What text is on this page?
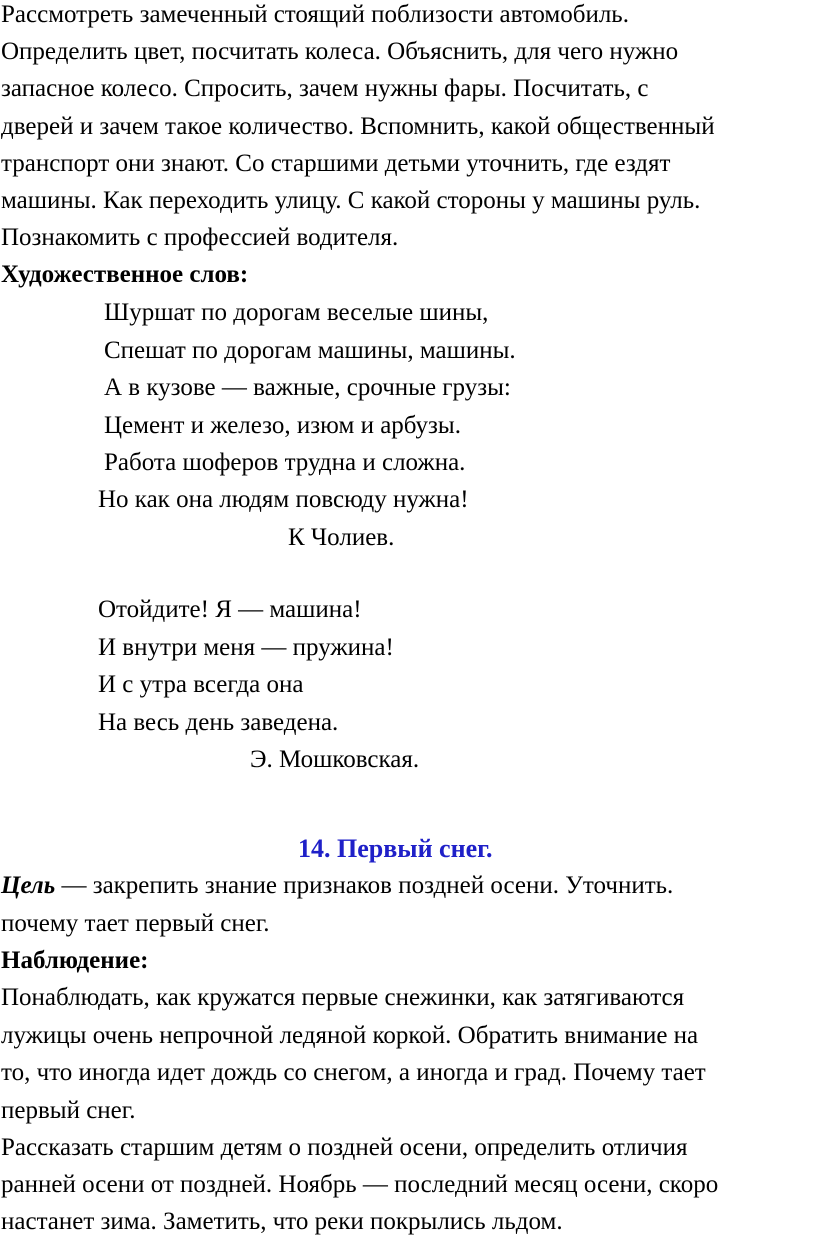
Рассмотреть замеченный стоящий поблизости автомобиль.
Определить цвет, посчитать колеса. Объяснить, для чего нужно
запасное колесо. Спросить, зачем нужны фары. Посчитать, с
дверей и зачем такое количество. Вспомнить, какой общественный
транспорт они знают. Со старшими детьми уточнить, где ездят
машины. Как переходить улицу. С какой стороны у машины руль.
Познакомить с профессией водителя.
Художественное слов:
Шуршат по дорогам веселые шины,
Спешат по дорогам машины, машины.
А в кузове — важные, срочные грузы:
Цемент и железо, изюм и арбузы.
Работа шоферов трудна и сложна.
Но как она людям повсюду нужна!
К Чолиев.
Отойдите! Я — машина!
И внутри меня — пружина!
И с утра всегда она
На весь день заведена.
Э. Мошковская.
14. Первый снег.
Цель — закрепить знание признаков поздней осени. Уточнить.
почему тает первый снег.
Наблюдение:
Понаблюдать, как кружатся первые снежинки, как затягиваются
лужицы очень непрочной ледяной коркой. Обратить внимание на
то, что иногда идет дождь со снегом, а иногда и град. Почему тает
первый снег.
Рассказать старшим детям о поздней осени, определить отличия
ранней осени от поздней. Ноябрь — последний месяц осени, скоро
настанет зима. Заметить, что реки покрылись льдом.
